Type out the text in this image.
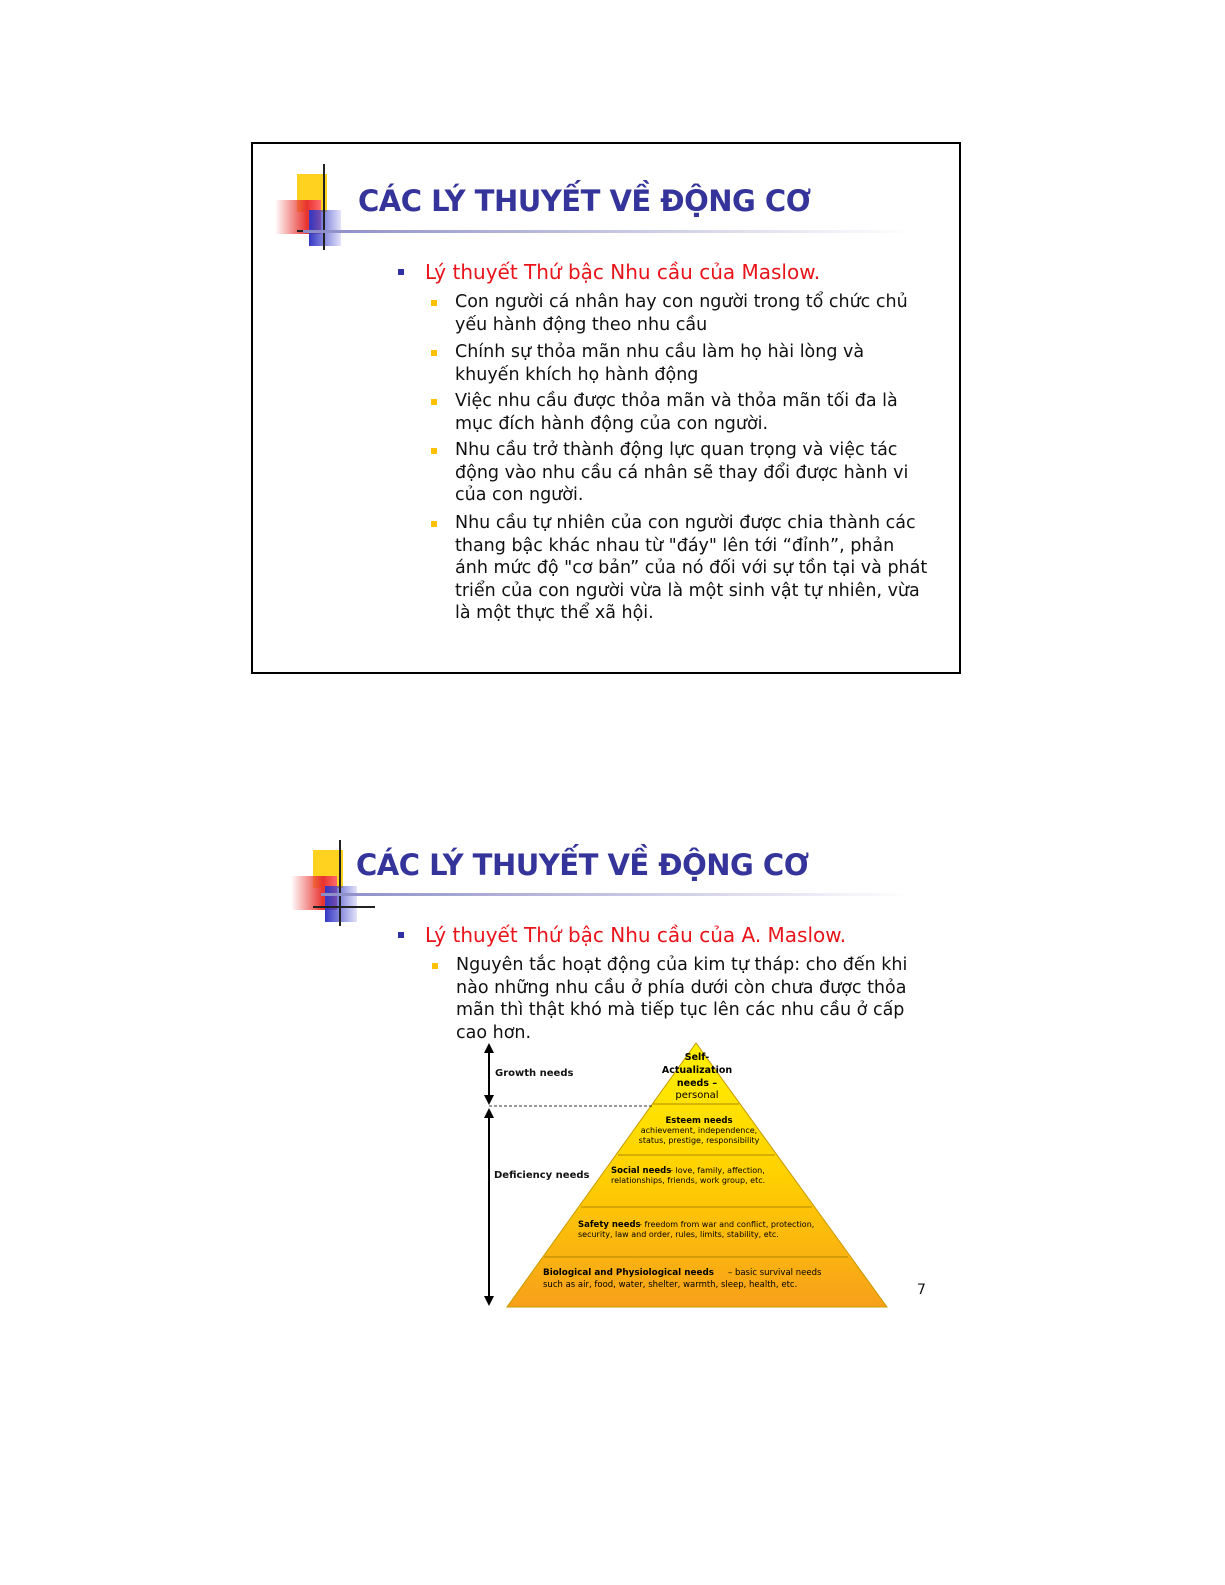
CÁC LÝ THUYẾT VỀ ĐỘNG CƠ
Lý thuyết Thứ bậc Nhu cầu của Maslow.
Con người cá nhân hay con người trong tổ chức chủ yếu hành động theo nhu cầu
Chính sự thỏa mãn nhu cầu làm họ hài lòng và khuyến khích họ hành động
Việc nhu cầu được thỏa mãn và thỏa mãn tối đa là mục đích hành động của con người.
Nhu cầu trở thành động lực quan trọng và việc tác động vào nhu cầu cá nhân sẽ thay đổi được hành vi của con người.
Nhu cầu tự nhiên của con người được chia thành các thang bậc khác nhau từ "đáy" lên tới “đỉnh”, phản ánh mức độ "cơ bản” của nó đối với sự tồn tại và phát triển của con người vừa là một sinh vật tự nhiên, vừa là một thực thể xã hội.
CÁC LÝ THUYẾT VỀ ĐỘNG CƠ
Lý thuyết Thứ bậc Nhu cầu của A. Maslow.
Nguyên tắc hoạt động của kim tự tháp: cho đến khi nào những nhu cầu ở phía dưới còn chưa được thỏa mãn thì thật khó mà tiếp tục lên các nhu cầu ở cấp cao hơn.
Growth needs
Deficiency needs
Self-
Actualization
needs –
personal
Esteem needs
achievement, independence,
status, prestige, responsibility
Social needs
– love, family, affection,
relationships, friends, work group, etc.
Safety needs
– freedom from war and conflict, protection,
security, law and order, rules, limits, stability, etc.
Biological and Physiological needs – basic survival needs
such as air, food, water, shelter, warmth, sleep, health, etc.	7
